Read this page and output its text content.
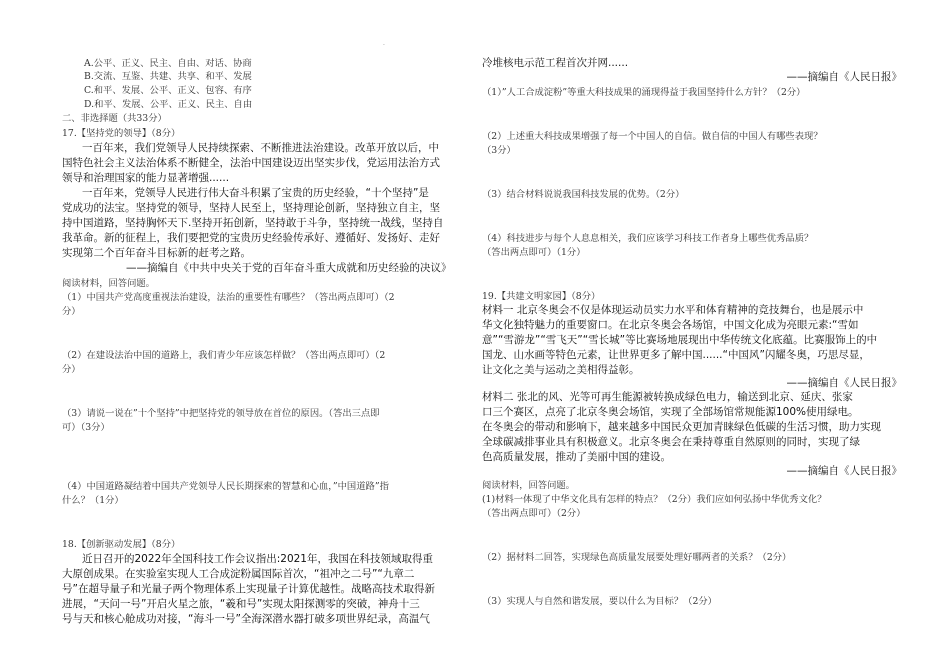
.
A.公平、正义、民主、自由、对话、协商
B.交流、互鉴、共建、共享、和平、发展
C.和平、发展、公平、正义、包容、有序
D.和平、发展、公平、正义、民主、自由
二、非选择题（共33分）
17.【坚持党的领导】（8分）
一百年来，我们党领导人民持续探索、不断推进法治建设。改革开放以后，中
国特色社会主义法治体系不断健全，法治中国建设迈出坚实步伐，党运用法治方式
领导和治理国家的能力显著增强......
一百年来，党领导人民进行伟大奋斗积累了宝贵的历史经验，“十个坚持”是
党成功的法宝。坚持党的领导，坚持人民至上，坚持理论创新，坚持独立自主，坚
持中国道路，坚持胸怀天下.坚持开拓创新，坚持敢于斗争，坚持统一战线，坚持自
我革命。新的征程上，我们要把党的宝贵历史经验传承好、遵循好、发扬好、走好
实现第二个百年奋斗目标新的赶考之路。
——摘编自《中共中央关于党的百年奋斗重大成就和历史经验的决议》
阅读材料，回答问题。
（1）中国共产党高度重视法治建设，法治的重要性有哪些？（答出两点即可）（2
分）
（2）在建设法治中国的道路上，我们青少年应该怎样做？（答出两点即可）（2
分）
（3）请说一说在”十个坚持”中把坚持党的领导放在首位的原因。（答出三点即
可）（3分）
（4）中国道路凝结着中国共产党领导人民长期探索的智慧和心血，”中国道路”指
什么？（1分）
18.【创新驱动发展】（8分）
近日召开的2022年全国科技工作会议指出:2021年，我国在科技领域取得重
大原创成果。在实验室实现人工合成淀粉属国际首次，“祖冲之二号”“九章二
号”在超导量子和光量子两个物理体系上实现量子计算优越性。战略高技术取得新
进展，“天问一号”开启火星之旅，“羲和号”实现太阳探测零的突破，神舟十三
号与天和核心舱成功对接，“海斗一号”全海深潜水器打破多项世界纪录，高温气
冷堆核电示范工程首次并网......
——摘编自《人民日报》
（1）”人工合成淀粉”等重大科技成果的涌现得益于我国坚持什么方针？（2分）
（2）上述重大科技成果增强了每一个中国人的自信。做自信的中国人有哪些表现？
（3分）
（3）结合材料说说我国科技发展的优势。（2分）
（4）科技进步与每个人息息相关，我们应该学习科技工作者身上哪些优秀品质？
（答出两点即可）（1分）
19.【共建文明家园】（8分）
材料一 北京冬奥会不仅是体现运动员实力水平和体育精神的竞技舞台，也是展示中
华文化独特魅力的重要窗口。在北京冬奥会各场馆，中国文化成为亮眼元素:“雪如
意”“雪游龙”“雪飞天”“雪长城”等比赛场地展现出中华传统文化底蕴。比赛服饰上的中
国龙、山水画等特色元素，让世界更多了解中国......“中国风”闪耀冬奥，巧思尽显，
让文化之美与运动之美相得益彰。
——摘编自《人民日报》
材料二 张北的风、光等可再生能源被转换成绿色电力，输送到北京、延庆、张家
口三个赛区，点亮了北京冬奥会场馆，实现了全部场馆常规能源100%使用绿电。
在冬奥会的带动和影响下，越来越多中国民众更加青睐绿色低碳的生活习惯，助力实现
全球碳减排事业具有积极意义。北京冬奥会在秉持尊重自然原则的同时，实现了绿
色高质量发展，推动了美丽中国的建设。
——摘编自《人民日报》
阅读材料，回答问题。
(1)材料一体现了中华文化具有怎样的特点？（2分）我们应如何弘扬中华优秀文化？
（答出两点即可）（2分）
（2）据材料二回答，实现绿色高质量发展要处理好哪两者的关系？（2分）
（3）实现人与自然和谐发展，要以什么为目标？（2分）
